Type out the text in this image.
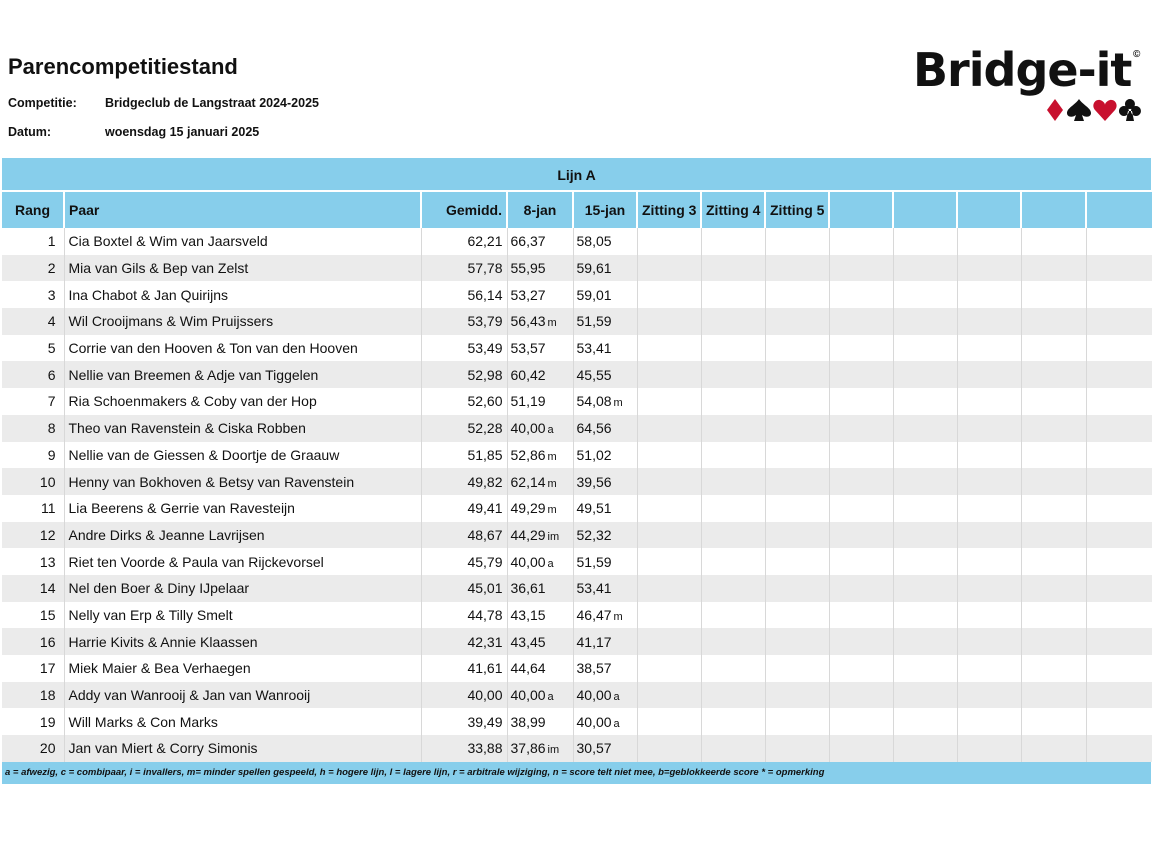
Parencompetitiestand
Competitie: Bridgeclub de Langstraat 2024-2025
Datum:	woensdag 15 januari 2025
Bridge-it ©
Lijn A
Rang	Paar	Gemidd.	8-jan	15-jan	Zitting 3	Zitting 4	Zitting 5					
1	Cia Boxtel & Wim van Jaarsveld	62,21	66,37	58,05								
2	Mia van Gils & Bep van Zelst	57,78	55,95	59,61								
3	Ina Chabot & Jan Quirijns	56,14	53,27	59,01								
4	Wil Crooijmans & Wim Pruijssers	53,79	56,43 m	51,59								
5	Corrie van den Hooven & Ton van den Hooven	53,49	53,57	53,41								
6	Nellie van Breemen & Adje van Tiggelen	52,98	60,42	45,55								
7	Ria Schoenmakers & Coby van der Hop	52,60	51,19	54,08 m								
8	Theo van Ravenstein & Ciska Robben	52,28	40,00 a	64,56								
9	Nellie van de Giessen & Doortje de Graauw	51,85	52,86 m	51,02								
10	Henny van Bokhoven & Betsy van Ravenstein	49,82	62,14 m	39,56								
11	Lia Beerens & Gerrie van Ravesteijn	49,41	49,29 m	49,51								
12	Andre Dirks & Jeanne Lavrijsen	48,67	44,29 im	52,32								
13	Riet ten Voorde & Paula van Rijckevorsel	45,79	40,00 a	51,59								
14	Nel den Boer & Diny IJpelaar	45,01	36,61	53,41								
15	Nelly van Erp & Tilly Smelt	44,78	43,15	46,47 m								
16	Harrie Kivits & Annie Klaassen	42,31	43,45	41,17								
17	Miek Maier & Bea Verhaegen	41,61	44,64	38,57								
18	Addy van Wanrooij & Jan van Wanrooij	40,00	40,00 a	40,00 a								
19	Will Marks & Con Marks	39,49	38,99	40,00 a								
20	Jan van Miert & Corry Simonis	33,88	37,86 im	30,57								
a = afwezig, c = combipaar, i = invallers, m= minder spellen gespeeld, h = hogere lijn, l = lagere lijn, r = arbitrale wijziging, n = score telt niet mee, b=geblokkeerde score * = opmerking
